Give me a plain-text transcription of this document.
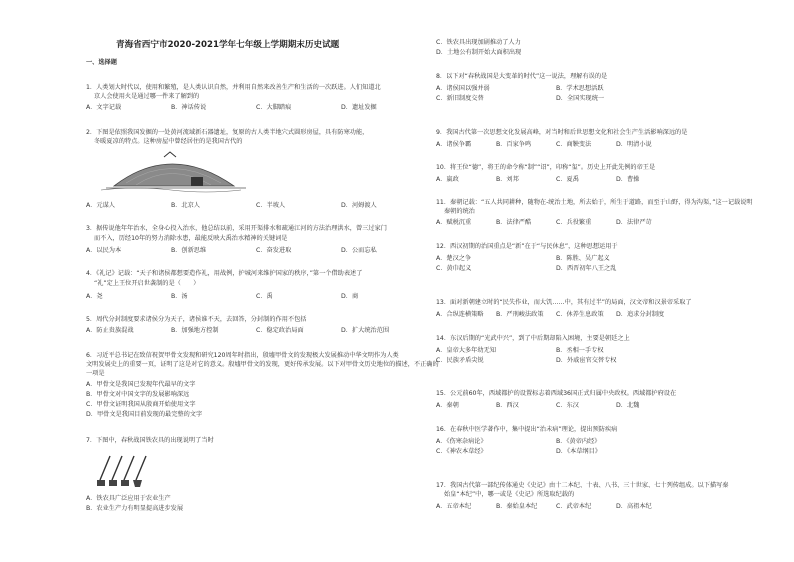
青海省西宁市2020-2021学年七年级上学期期末历史试题
一、选择题
1．人类划大时代以，使用和繁殖，是人类认识自然，并利用自然来改善生产和生活的一次跃进。人们知道北
京人会使用火是通过哪一件来了解到的
A．文字记载	B．神话传说	C．大脚踏痕	D．遗址发掘
2．下图是依照我国发掘的一处黄河流域新石器遗址，复原的古人类半地穴式圆形房屋，具有防寒功能，
冬暖夏凉的特点。这种房屋中曾经居住的是我国古代的
A．元谋人	B．北京人	C．半坡人	D．河姆渡人
3．据传说他年年治水，全身心投入治水，他总结以前，采用开渠排水和疏通江河的方法治理洪水，曾三过家门
而不入，历经10年的努力消除水患，最能反映大禹治水精神的关键词是
A．以民为本	B．创新思维	C．奋发进取	D．公而忘私
4．《礼记》记载：“天子和诸侯都想要造作礼，用战例，护城河来维护国家的秩序，”第一个借助表述了
“礼”定上王位开启世袭制的是（　　）
A．尧	B．汤	C．禹	D．商
5．周代分封制度要求诸侯分为天子，诸侯谁不天，去回答，分封制的作用不包括
A．防止贵族混战	B．加强地方控制	C．稳定政治局面	D．扩大统治范围
6．习近平总书记在致信祝贺甲骨文发现和研究120周年时指出，殷墟甲骨文的发现极大发展推动中华文明作为人类
文明发展史上的重要一页，证明了这是对它的意义。殷墟甲骨文的发现，更好传承发展。以下对甲骨文历史地位的描述，不正确的
一项是
A．甲骨文是我国已发现年代最早的文字
B．甲骨文对中国文字的发展影响深远
C．甲骨文证明我国从殷商开始使用文字
D．甲骨文是我国目前发现的最完整的文字
7．下图中，春秋战国铁农具的出现说明了当时
A．铁农具广泛应用于农业生产
B．农业生产力有明显提高进步发展
C．铁农具出现加剧推动了人力
D．土地公有制开始大面积出现
8．以下对“春秋战国是大变革的时代”这一说法，理解有误的是
A．诸侯国以强并弱	B．学术思想活跃
C．新旧制度交替	D．全国实现统一
9．我国古代第一次思想文化发展高峰，对当时和后世思想文化和社会生产生活影响深远的是
A．诸侯争霸	B．百家争鸣	C．商鞅变法	D．明清小说
10．将王位“德”，将王的命令称“制”“诏”，印称“玺”。历史上开此先例的帝王是
A．嬴政	B．刘邦	C．夏禹	D．曹操
11．秦朝记载：“五人共同耕种，随物在-统治土地，所去始于，所生于道路，而至于山野，得为沟渠，”这一记载说明
秦朝的统治
A．赋税沉重	B．法律严酷	C．兵役繁重	D．法律严苛
12．西汉初期的治国重点是“新”在于“与民休息”，这种思想运用于
A．楚汉之争	B．陈胜、吴广起义
C．黄巾起义	D．西晋初年八王之乱
13．面对新朝建立时的“民失作业，而大饥……中，其有过半”的局面，汉文帝和汉景帝采取了
A．合纵连横策略 B．严刑峻法政策 C．休养生息政策 D．追求分封制度
14．东汉后期的“光武中兴”，到了中后期却陷入困境，主要是朝廷之上
A．皇帝大多年幼无知	B．丞相一手专权
C．民族矛盾尖锐	D．外戚宦官交替专权
15．公元前60年，西域都护的设置标志着西域36国正式归属中央政权。西域都护府设在
A．秦朝	B．西汉	C．东汉	D．北魏
16．在春秋中医学著作中，集中提出“治未病”理论，提出预防疾病
A．《伤寒杂病论》	B．《黄帝内经》
C．《神农本草经》	D．《本草纲目》
17．我国古代第一部纪传体通史《史记》由十二本纪、十表、八书、三十世家、七十列传组成。以下描写秦
始皇“本纪”中，哪一或是《史记》所选取纪载的
A．五帝本纪	B．秦始皇本纪	C．武帝本纪	D．高祖本纪
